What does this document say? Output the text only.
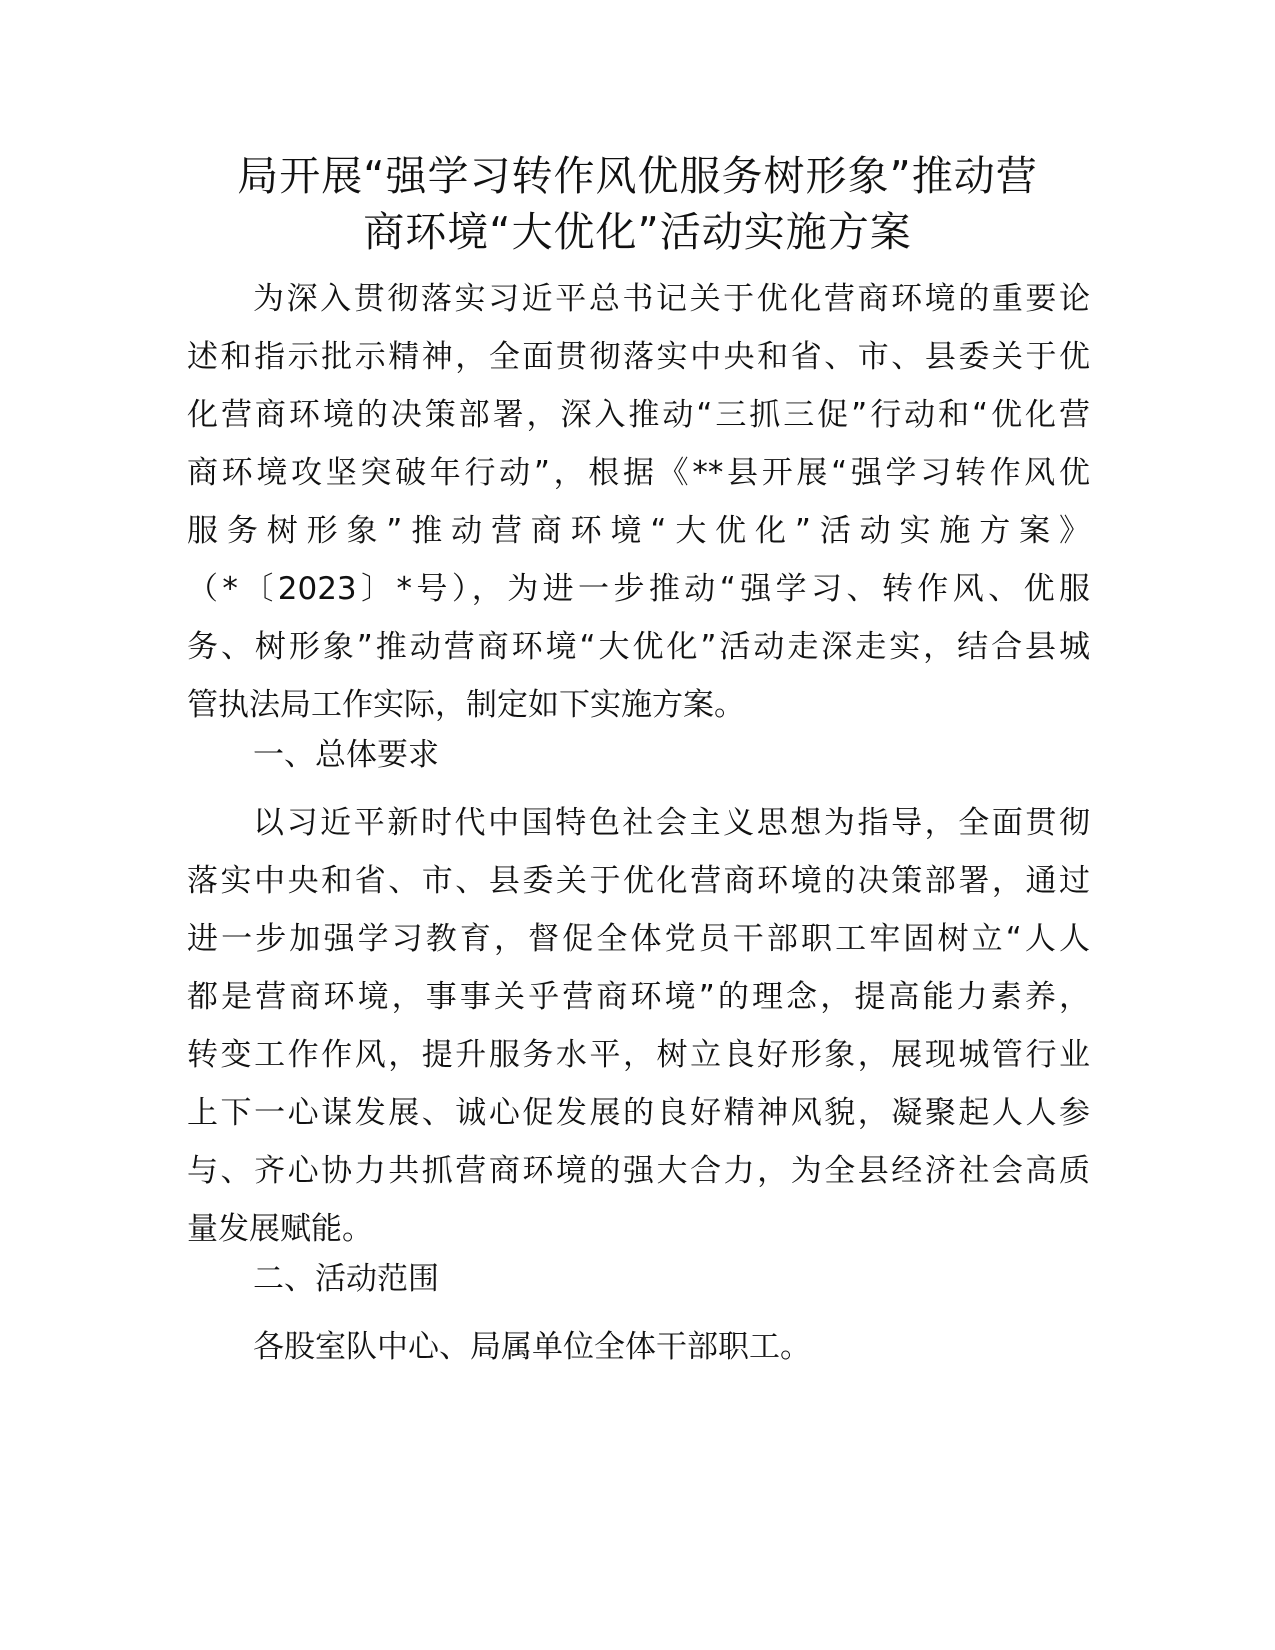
局开展“强学习转作风优服务树形象”推动营
商环境“大优化”活动实施方案
为深入贯彻落实习近平总书记关于优化营商环境的重要论
述和指示批示精神，全面贯彻落实中央和省、市、县委关于优
化营商环境的决策部署，深入推动“三抓三促”行动和“优化营
商环境攻坚突破年行动”，根据《**县开展“强学习转作风优
服务树形象”推动营商环境“大优化”活动实施方案》
（*〔2023〕*号），为进一步推动“强学习、转作风、优服
务、树形象”推动营商环境“大优化”活动走深走实，结合县城
管执法局工作实际，制定如下实施方案。
一、总体要求
以习近平新时代中国特色社会主义思想为指导，全面贯彻
落实中央和省、市、县委关于优化营商环境的决策部署，通过
进一步加强学习教育，督促全体党员干部职工牢固树立“人人
都是营商环境，事事关乎营商环境”的理念，提高能力素养，
转变工作作风，提升服务水平，树立良好形象，展现城管行业
上下一心谋发展、诚心促发展的良好精神风貌，凝聚起人人参
与、齐心协力共抓营商环境的强大合力，为全县经济社会高质
量发展赋能。
二、活动范围
各股室队中心、局属单位全体干部职工。
